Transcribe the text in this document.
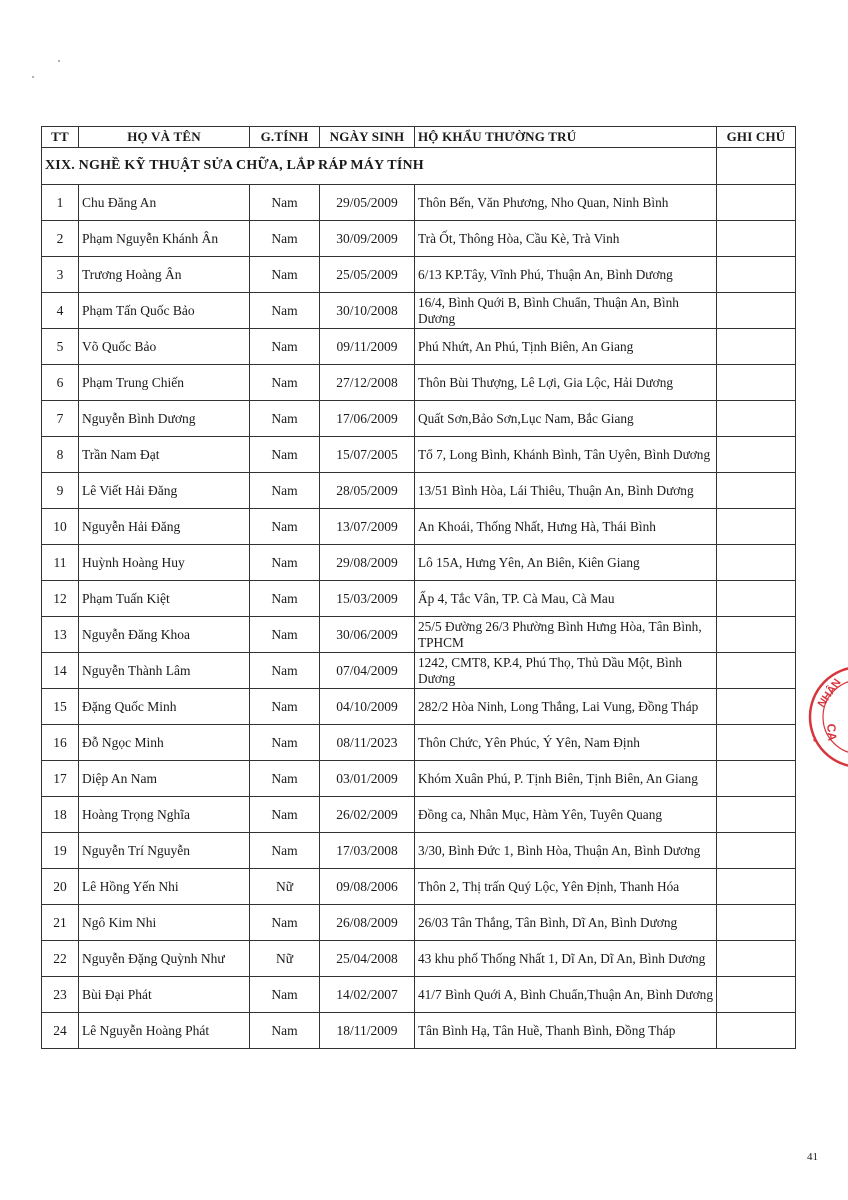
TT	HỌ VÀ TÊN	G.TÍNH	NGÀY SINH	HỘ KHẨU THƯỜNG TRÚ	GHI CHÚ
XIX. NGHỀ KỸ THUẬT SỬA CHỮA, LẮP RÁP MÁY TÍNH					
1	Chu Đăng An	Nam	29/05/2009	Thôn Bến, Văn Phương, Nho Quan, Ninh Bình	
2	Phạm Nguyễn Khánh Ân	Nam	30/09/2009	Trà Ốt, Thông Hòa, Cầu Kè, Trà Vinh	
3	Trương Hoàng Ân	Nam	25/05/2009	6/13 KP.Tây, Vĩnh Phú, Thuận An, Bình Dương	
4	Phạm Tấn Quốc Bảo	Nam	30/10/2008	16/4, Bình Quới B, Bình Chuẩn, Thuận An, Bình Dương	
5	Võ Quốc Bảo	Nam	09/11/2009	Phú Nhứt, An Phú, Tịnh Biên, An Giang	
6	Phạm Trung Chiến	Nam	27/12/2008	Thôn Bùi Thượng, Lê Lợi, Gia Lộc, Hải Dương	
7	Nguyễn Bình Dương	Nam	17/06/2009	Quất Sơn,Bảo Sơn,Lục Nam, Bắc Giang	
8	Trần Nam Đạt	Nam	15/07/2005	Tổ 7, Long Bình, Khánh Bình, Tân Uyên, Bình Dương	
9	Lê Viết Hải Đăng	Nam	28/05/2009	13/51 Bình Hòa, Lái Thiêu, Thuận An, Bình Dương	
10	Nguyễn Hải Đăng	Nam	13/07/2009	An Khoái, Thống Nhất, Hưng Hà, Thái Bình	
11	Huỳnh Hoàng Huy	Nam	29/08/2009	Lô 15A, Hưng Yên, An Biên, Kiên Giang	
12	Phạm Tuấn Kiệt	Nam	15/03/2009	Ấp 4, Tắc Vân, TP. Cà Mau, Cà Mau	
13	Nguyễn Đăng Khoa	Nam	30/06/2009	25/5 Đường 26/3 Phường Bình Hưng Hòa, Tân Bình, TPHCM	
14	Nguyễn Thành Lâm	Nam	07/04/2009	1242, CMT8, KP.4, Phú Thọ, Thủ Dầu Một, Bình Dương	
15	Đặng Quốc Minh	Nam	04/10/2009	282/2 Hòa Ninh, Long Thắng, Lai Vung, Đồng Tháp	
16	Đỗ Ngọc Minh	Nam	08/11/2023	Thôn Chức, Yên Phúc, Ý Yên, Nam Định	
17	Diệp An Nam	Nam	03/01/2009	Khóm Xuân Phú, P. Tịnh Biên, Tịnh Biên, An Giang	
18	Hoàng Trọng Nghĩa	Nam	26/02/2009	Đồng ca, Nhân Mục, Hàm Yên, Tuyên Quang	
19	Nguyễn Trí Nguyễn	Nam	17/03/2008	3/30, Bình Đức 1, Bình Hòa, Thuận An, Bình Dương	
20	Lê Hồng Yến Nhi	Nữ	09/08/2006	Thôn 2, Thị trấn Quý Lộc, Yên Định, Thanh Hóa	
21	Ngô Kim Nhi	Nam	26/08/2009	26/03 Tân Thắng, Tân Bình, Dĩ An, Bình Dương	
22	Nguyễn Đặng Quỳnh Như	Nữ	25/04/2008	43 khu phố Thống Nhất 1, Dĩ An, Dĩ An, Bình Dương	
23	Bùi Đại Phát	Nam	14/02/2007	41/7 Bình Quới A, Bình Chuẩn,Thuận An, Bình Dương	
24	Lê Nguyễn Hoàng Phát	Nam	18/11/2009	Tân Bình Hạ, Tân Huề, Thanh Bình, Đồng Tháp	
41
NHÂN
CA
